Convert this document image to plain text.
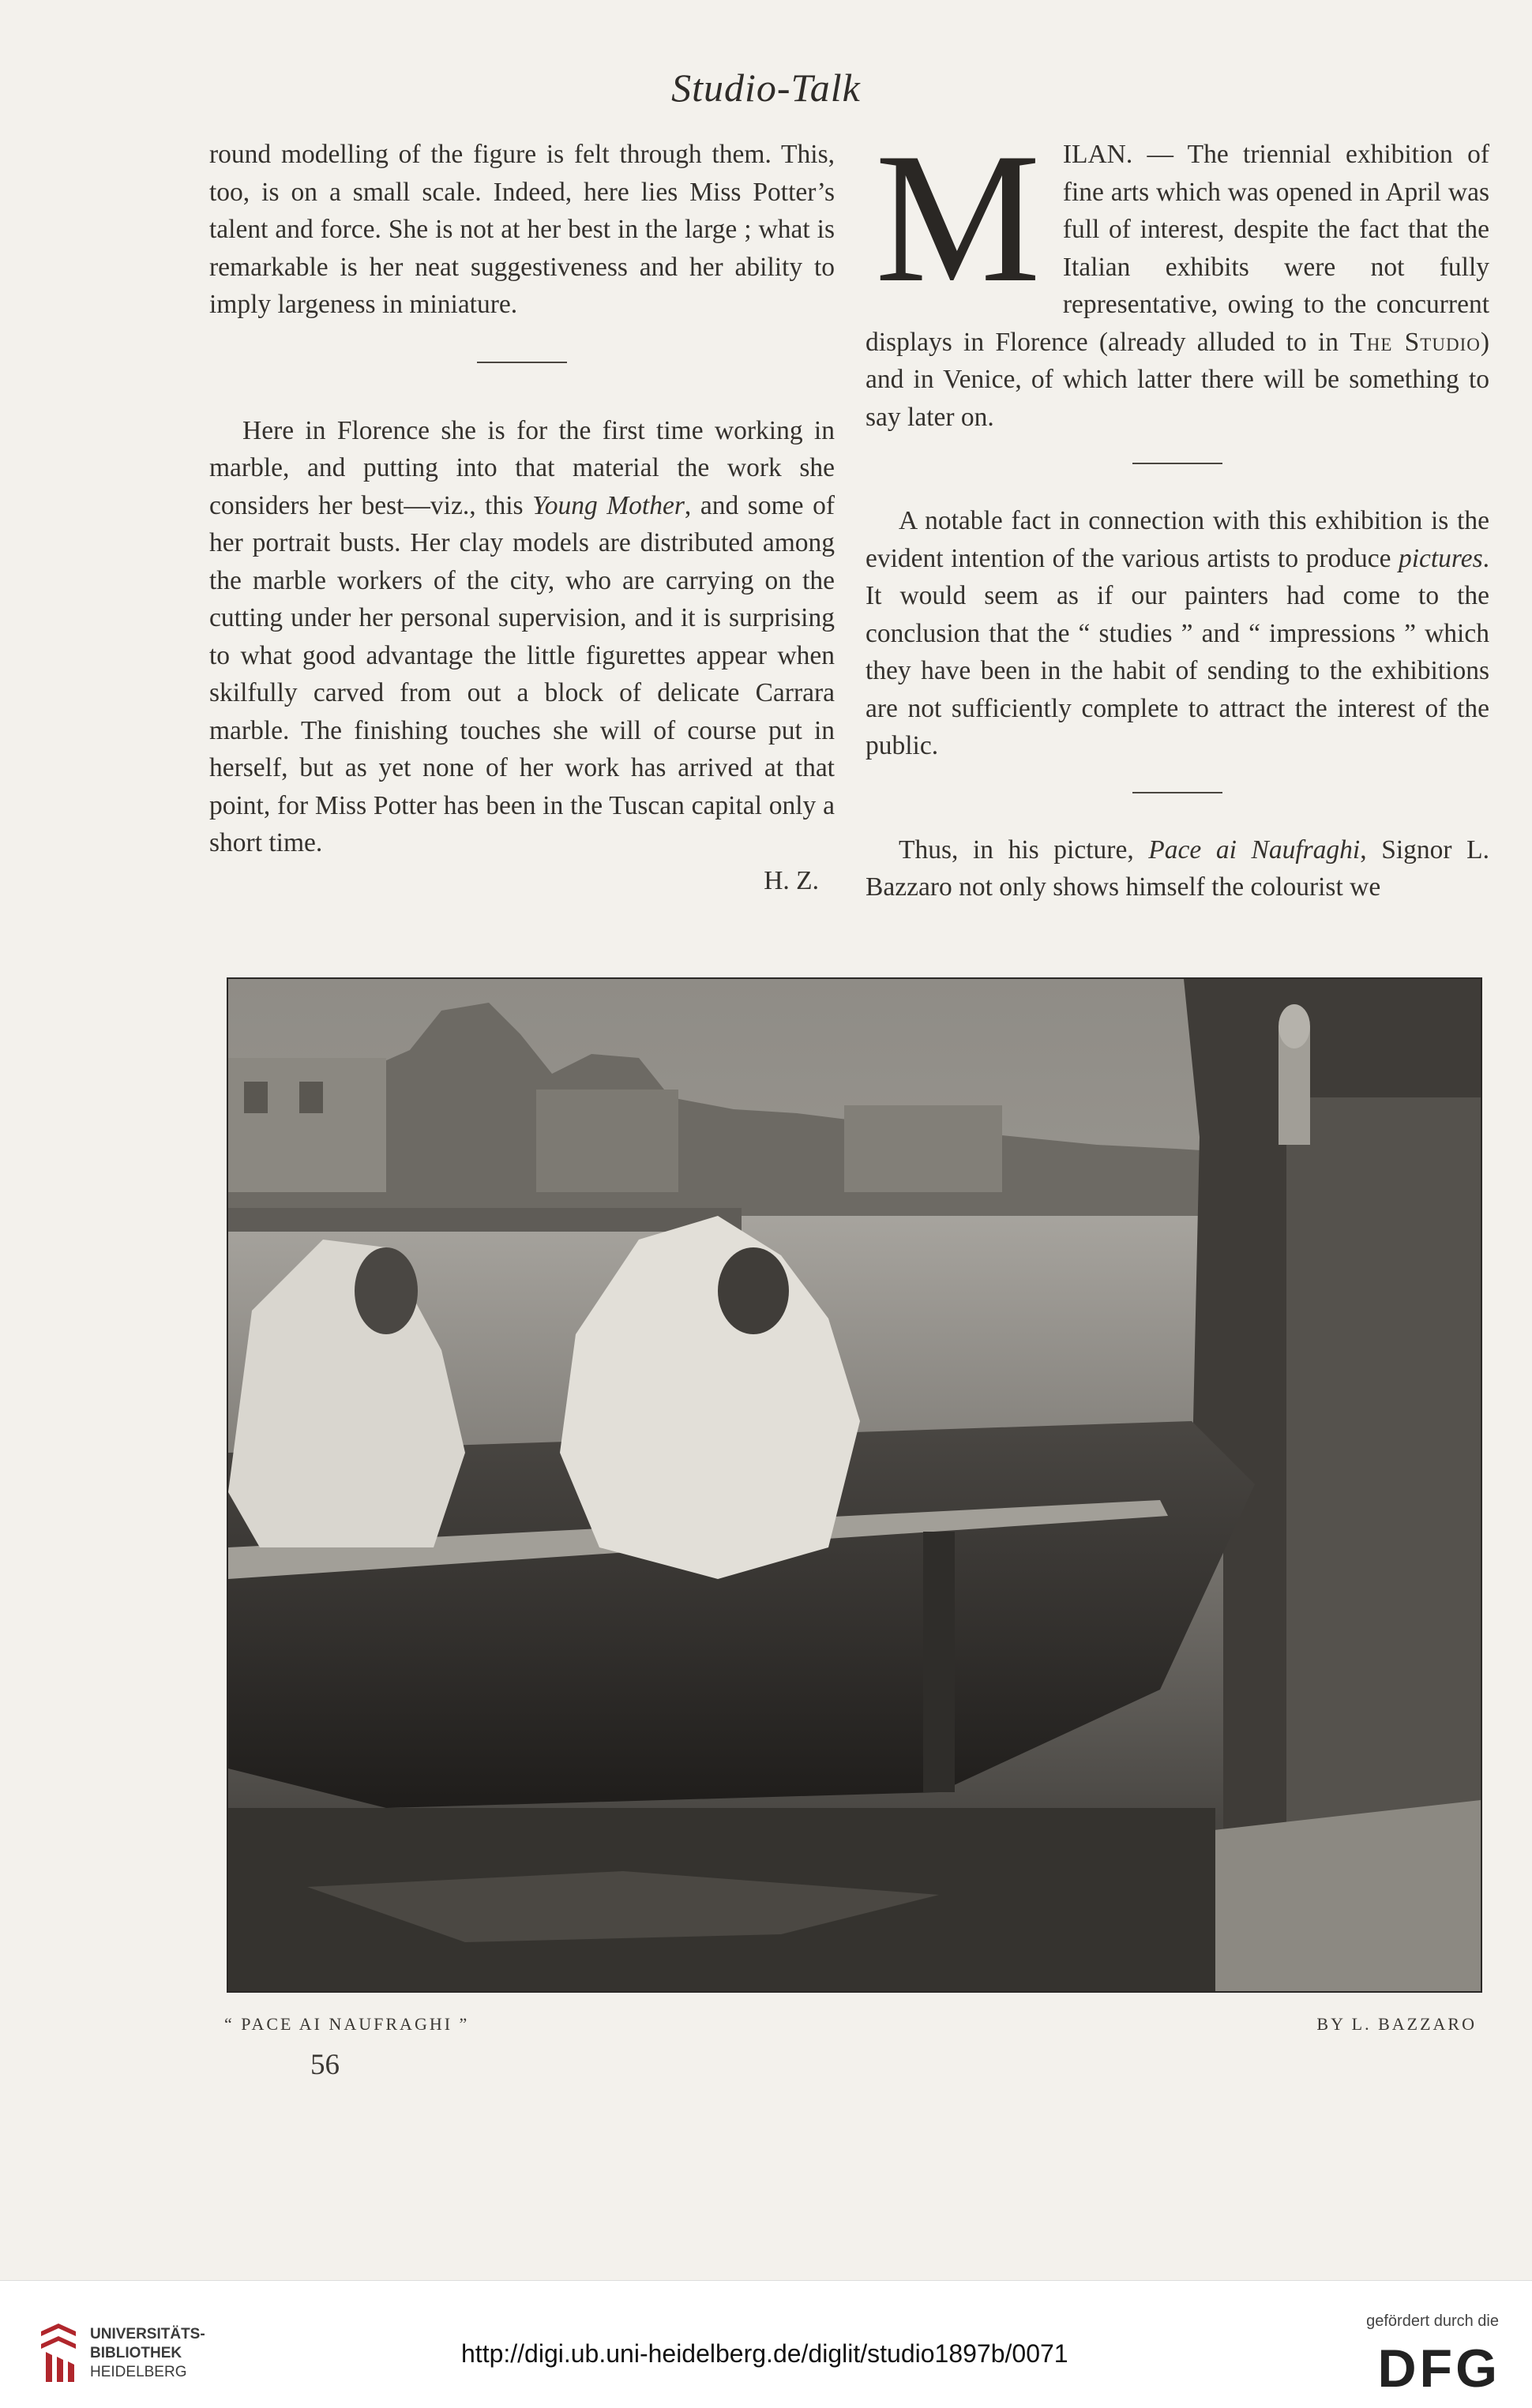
Studio-Talk

round modelling of the figure is felt through them. This, too, is on a small scale. Indeed, here lies Miss Potter’s talent and force. She is not at her best in the large ; what is remarkable is her neat suggestiveness and her ability to imply largeness in miniature.

Here in Florence she is for the first time working in marble, and putting into that material the work she considers her best—viz., this Young Mother, and some of her portrait busts. Her clay models are distributed among the marble workers of the city, who are carrying on the cutting under her personal supervision, and it is surprising to what good advantage the little figurettes appear when skilfully carved from out a block of delicate Carrara marble. The finishing touches she will of course put in herself, but as yet none of her work has arrived at that point, for Miss Potter has been in the Tuscan capital only a short time.

H. Z.

MILAN. — The triennial exhibition of fine arts which was opened in April was full of interest, despite the fact that the Italian exhibits were not fully representative, owing to the concurrent displays in Florence (already alluded to in The Studio) and in Venice, of which latter there will be something to say later on.

A notable fact in connection with this exhibition is the evident intention of the various artists to produce pictures. It would seem as if our painters had come to the conclusion that the “ studies ” and “ impressions ” which they have been in the habit of sending to the exhibitions are not sufficiently complete to attract the interest of the public.

Thus, in his picture, Pace ai Naufraghi, Signor L. Bazzaro not only shows himself the colourist we

“ PACE AI NAUFRAGHI ”	BY L. BAZZARO
56
UNIVERSITÄTS-
BIBLIOTHEK
HEIDELBERG
http://digi.ub.uni-heidelberg.de/diglit/studio1897b/0071
gefördert durch die
DFG
